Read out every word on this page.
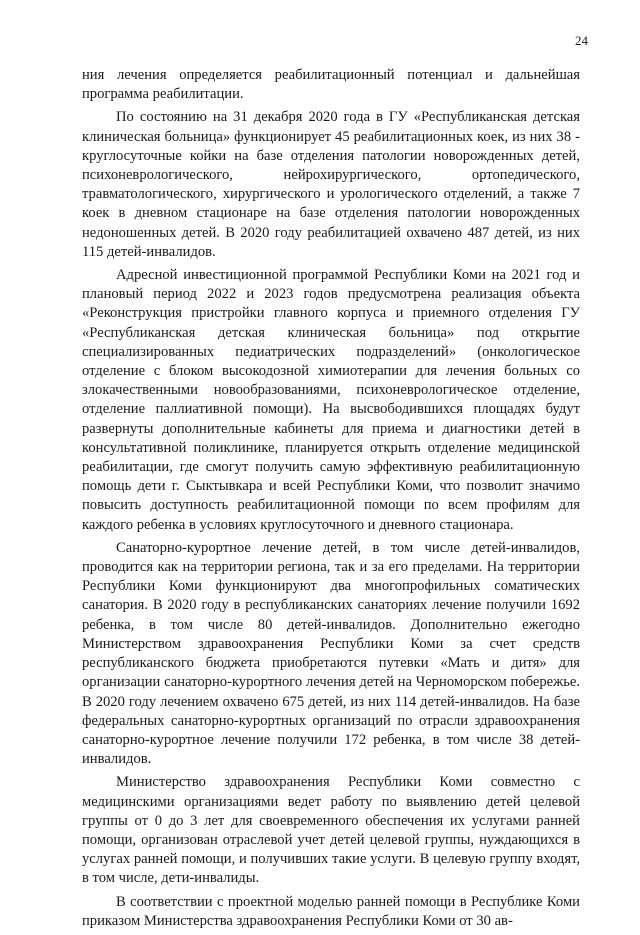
24

ния лечения определяется реабилитационный потенциал и дальнейшая программа реабилитации.

По состоянию на 31 декабря 2020 года в ГУ «Республиканская детская клиническая больница» функционирует 45 реабилитационных коек, из них 38 - круглосуточные койки на базе отделения патологии новорожденных детей, психоневрологического, нейрохирургического, ортопедического, травматологического, хирургического и урологического отделений, а также 7 коек в дневном стационаре на базе отделения патологии новорожденных недоношенных детей. В 2020 году реабилитацией охвачено 487 детей, из них 115 детей-инвалидов.

Адресной инвестиционной программой Республики Коми на 2021 год и плановый период 2022 и 2023 годов предусмотрена реализация объекта «Реконструкция пристройки главного корпуса и приемного отделения ГУ «Республиканская детская клиническая больница» под открытие специализированных педиатрических подразделений» (онкологическое отделение с блоком высокодозной химиотерапии для лечения больных со злокачественными новообразованиями, психоневрологическое отделение, отделение паллиативной помощи). На высвободившихся площадях будут развернуты дополнительные кабинеты для приема и диагностики детей в консультативной поликлинике, планируется открыть отделение медицинской реабилитации, где смогут получить самую эффективную реабилитационную помощь дети г. Сыктывкара и всей Республики Коми, что позволит значимо повысить доступность реабилитационной помощи по всем профилям для каждого ребенка в условиях круглосуточного и дневного стационара.

Санаторно-курортное лечение детей, в том числе детей-инвалидов, проводится как на территории региона, так и за его пределами. На территории Республики Коми функционируют два многопрофильных соматических санатория. В 2020 году в республиканских санаториях лечение получили 1692 ребенка, в том числе 80 детей-инвалидов. Дополнительно ежегодно Министерством здравоохранения Республики Коми за счет средств республиканского бюджета приобретаются путевки «Мать и дитя» для организации санаторно-курортного лечения детей на Черноморском побережье. В 2020 году лечением охвачено 675 детей, из них 114 детей-инвалидов. На базе федеральных санаторно-курортных организаций по отрасли здравоохранения санаторно-курортное лечение получили 172 ребенка, в том числе 38 детей-инвалидов.

Министерство здравоохранения Республики Коми совместно с медицинскими организациями ведет работу по выявлению детей целевой группы от 0 до 3 лет для своевременного обеспечения их услугами ранней помощи, организован отраслевой учет детей целевой группы, нуждающихся в услугах ранней помощи, и получивших такие услуги. В целевую группу входят, в том числе, дети-инвалиды.

В соответствии с проектной моделью ранней помощи в Республике Коми приказом Министерства здравоохранения Республики Коми от 30 ав-
